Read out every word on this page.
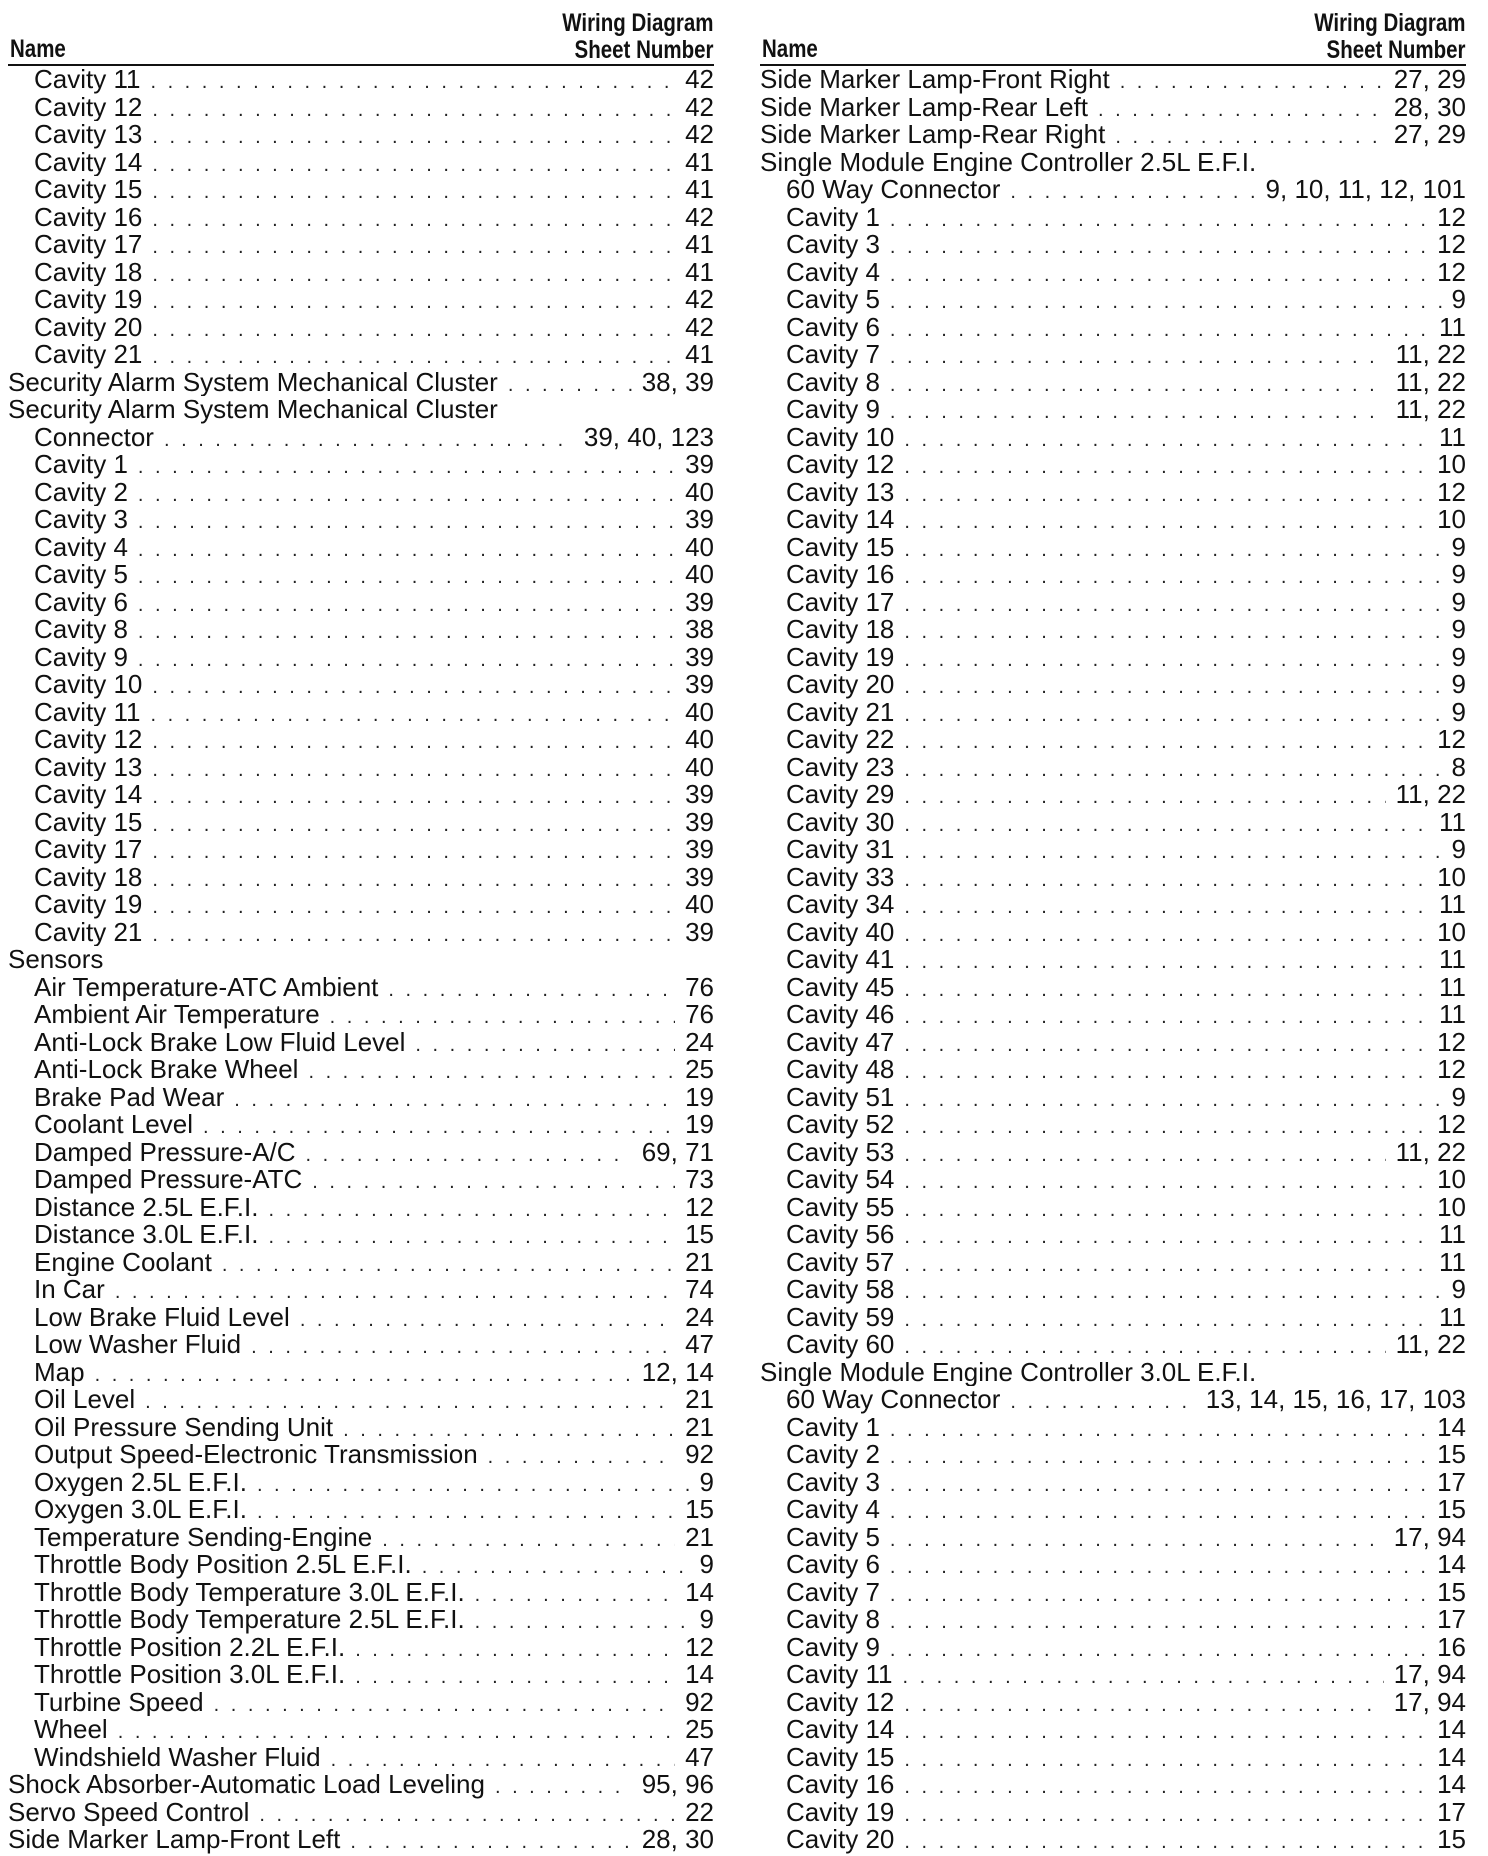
Name
Wiring Diagram
Sheet Number
Cavity 11 . . .	42
Cavity 12 . . .	42
Cavity 13 . . .	42
Cavity 14 . . .	41
Cavity 15 . . .	41
Cavity 16 . . .	42
Cavity 17 . . .	41
Cavity 18 . . .	41
Cavity 19 . . .	42
Cavity 20 . . .	42
Cavity 21 . . .	41
Security Alarm System Mechanical Cluster . . .	38, 39
Security Alarm System Mechanical Cluster
Connector . . .	39, 40, 123
Cavity 1 . . .	39
Cavity 2 . . .	40
Cavity 3 . . .	39
Cavity 4 . . .	40
Cavity 5 . . .	40
Cavity 6 . . .	39
Cavity 8 . . .	38
Cavity 9 . . .	39
Cavity 10 . . .	39
Cavity 11 . . .	40
Cavity 12 . . .	40
Cavity 13 . . .	40
Cavity 14 . . .	39
Cavity 15 . . .	39
Cavity 17 . . .	39
Cavity 18 . . .	39
Cavity 19 . . .	40
Cavity 21 . . .	39
Sensors
Air Temperature-ATC Ambient . . .	76
Ambient Air Temperature . . .	76
Anti-Lock Brake Low Fluid Level . . .	24
Anti-Lock Brake Wheel . . .	25
Brake Pad Wear . . .	19
Coolant Level . . .	19
Damped Pressure-A/C . . .	69, 71
Damped Pressure-ATC . . .	73
Distance 2.5L E.F.I. . . .	12
Distance 3.0L E.F.I. . . .	15
Engine Coolant . . .	21
In Car . . .	74
Low Brake Fluid Level . . .	24
Low Washer Fluid . . .	47
Map . . .	12, 14
Oil Level . . .	21
Oil Pressure Sending Unit . . .	21
Output Speed-Electronic Transmission . . .	92
Oxygen 2.5L E.F.I. . . .	9
Oxygen 3.0L E.F.I. . . .	15
Temperature Sending-Engine . . .	21
Throttle Body Position 2.5L E.F.I. . . .	9
Throttle Body Temperature 3.0L E.F.I. . . .	14
Throttle Body Temperature 2.5L E.F.I. . . .	9
Throttle Position 2.2L E.F.I. . . .	12
Throttle Position 3.0L E.F.I. . . .	14
Turbine Speed . . .	92
Wheel . . .	25
Windshield Washer Fluid . . .	47
Shock Absorber-Automatic Load Leveling . . .	95, 96
Servo Speed Control . . .	22
Side Marker Lamp-Front Left . . .	28, 30
Name
Wiring Diagram
Sheet Number
Side Marker Lamp-Front Right . . .	27, 29
Side Marker Lamp-Rear Left . . .	28, 30
Side Marker Lamp-Rear Right . . .	27, 29
Single Module Engine Controller 2.5L E.F.I.
60 Way Connector . . .	9, 10, 11, 12, 101
Cavity 1 . . .	12
Cavity 3 . . .	12
Cavity 4 . . .	12
Cavity 5 . . .	9
Cavity 6 . . .	11
Cavity 7 . . .	11, 22
Cavity 8 . . .	11, 22
Cavity 9 . . .	11, 22
Cavity 10 . . .	11
Cavity 12 . . .	10
Cavity 13 . . .	12
Cavity 14 . . .	10
Cavity 15 . . .	9
Cavity 16 . . .	9
Cavity 17 . . .	9
Cavity 18 . . .	9
Cavity 19 . . .	9
Cavity 20 . . .	9
Cavity 21 . . .	9
Cavity 22 . . .	12
Cavity 23 . . .	8
Cavity 29 . . .	11, 22
Cavity 30 . . .	11
Cavity 31 . . .	9
Cavity 33 . . .	10
Cavity 34 . . .	11
Cavity 40 . . .	10
Cavity 41 . . .	11
Cavity 45 . . .	11
Cavity 46 . . .	11
Cavity 47 . . .	12
Cavity 48 . . .	12
Cavity 51 . . .	9
Cavity 52 . . .	12
Cavity 53 . . .	11, 22
Cavity 54 . . .	10
Cavity 55 . . .	10
Cavity 56 . . .	11
Cavity 57 . . .	11
Cavity 58 . . .	9
Cavity 59 . . .	11
Cavity 60 . . .	11, 22
Single Module Engine Controller 3.0L E.F.I.
60 Way Connector . . .	13, 14, 15, 16, 17, 103
Cavity 1 . . .	14
Cavity 2 . . .	15
Cavity 3 . . .	17
Cavity 4 . . .	15
Cavity 5 . . .	17, 94
Cavity 6 . . .	14
Cavity 7 . . .	15
Cavity 8 . . .	17
Cavity 9 . . .	16
Cavity 11 . . .	17, 94
Cavity 12 . . .	17, 94
Cavity 14 . . .	14
Cavity 15 . . .	14
Cavity 16 . . .	14
Cavity 19 . . .	17
Cavity 20 . . .	15
